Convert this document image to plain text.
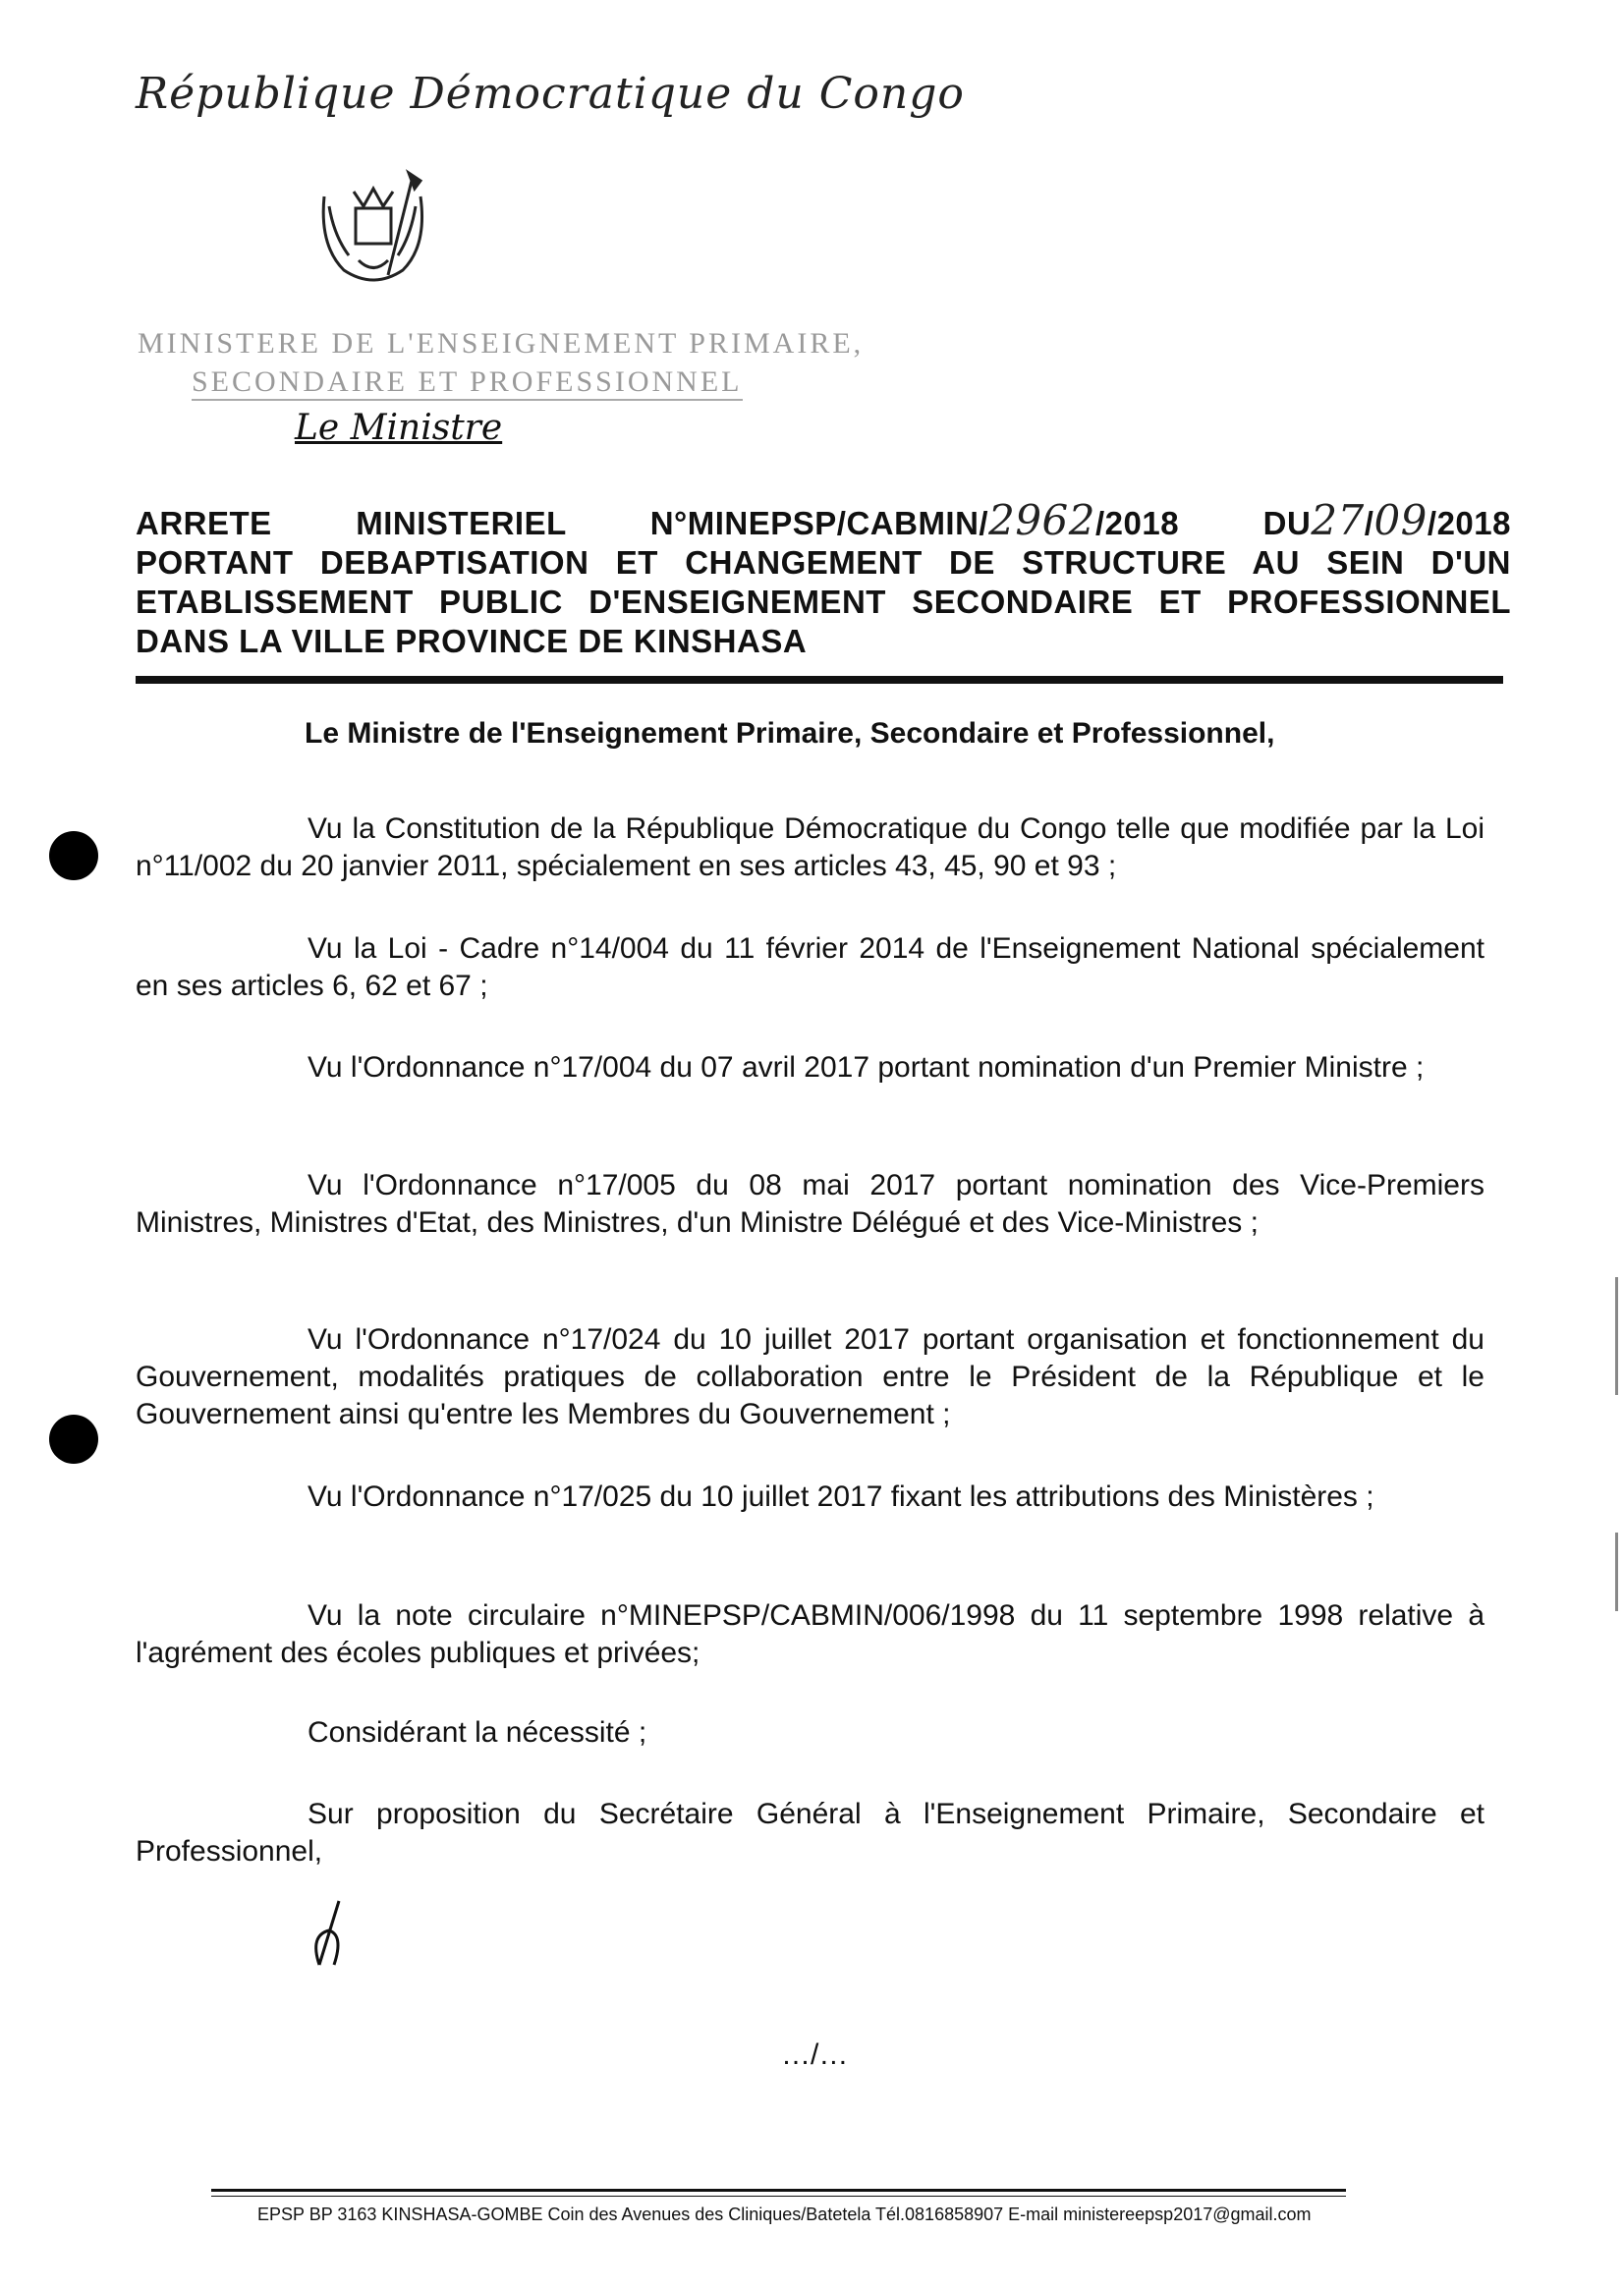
République Démocratique du Congo
MINISTERE DE L'ENSEIGNEMENT PRIMAIRE,
SECONDAIRE ET PROFESSIONNEL
Le Ministre
ARRETE MINISTERIEL N°MINEPSP/CABMIN/2962/2018 DU27/09/2018
PORTANT DEBAPTISATION ET CHANGEMENT DE STRUCTURE AU SEIN D'UN
ETABLISSEMENT PUBLIC D'ENSEIGNEMENT SECONDAIRE ET PROFESSIONNEL
DANS LA VILLE PROVINCE DE KINSHASA
Le Ministre de l'Enseignement Primaire, Secondaire et Professionnel,
Vu la Constitution de la République Démocratique du Congo telle que modifiée par la Loi n°11/002 du 20 janvier 2011, spécialement en ses articles 43, 45, 90 et 93 ;
Vu la Loi - Cadre n°14/004 du 11 février 2014 de l'Enseignement National spécialement en ses articles 6, 62 et 67 ;
Vu l'Ordonnance n°17/004 du 07 avril 2017 portant nomination d'un Premier Ministre ;
Vu l'Ordonnance n°17/005 du 08 mai 2017 portant nomination des Vice-Premiers Ministres, Ministres d'Etat, des Ministres, d'un Ministre Délégué et des Vice-Ministres ;
Vu l'Ordonnance n°17/024 du 10 juillet 2017 portant organisation et fonctionnement du Gouvernement, modalités pratiques de collaboration entre le Président de la République et le Gouvernement ainsi qu'entre les Membres du Gouvernement ;
Vu l'Ordonnance n°17/025 du 10 juillet 2017 fixant les attributions des Ministères ;
Vu la note circulaire n°MINEPSP/CABMIN/006/1998 du 11 septembre 1998 relative à l'agrément des écoles publiques et privées;
Considérant la nécessité ;
Sur proposition du Secrétaire Général à l'Enseignement Primaire, Secondaire et Professionnel,
…/…
EPSP BP 3163 KINSHASA-GOMBE Coin des Avenues des Cliniques/Batetela Tél.0816858907 E-mail ministereepsp2017@gmail.com
